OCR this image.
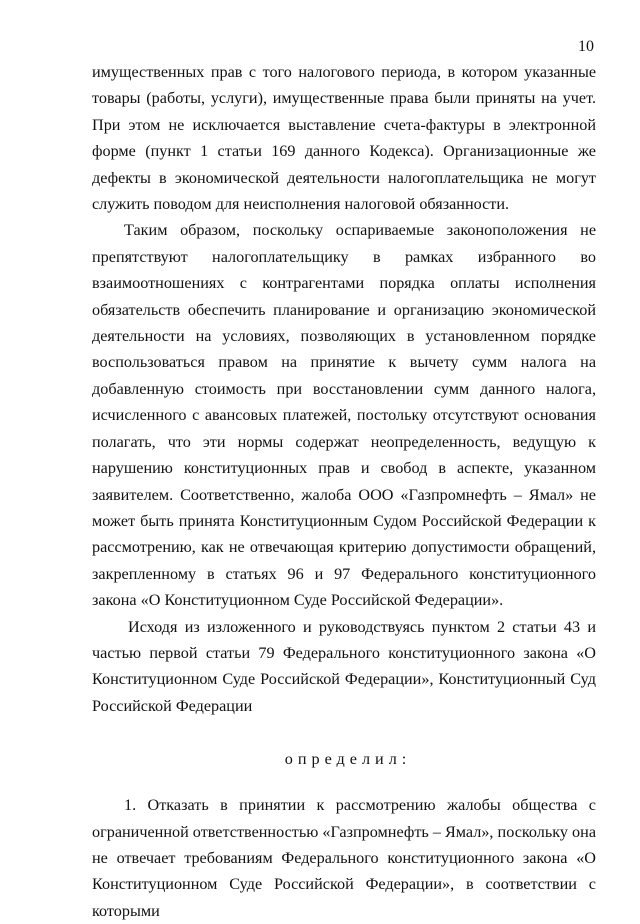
10

имущественных прав с того налогового периода, в котором указанные товары (работы, услуги), имущественные права были приняты на учет. При этом не исключается выставление счета-фактуры в электронной форме (пункт 1 статьи 169 данного Кодекса). Организационные же дефекты в экономической деятельности налогоплательщика не могут служить поводом для неисполнения налоговой обязанности.

Таким образом, поскольку оспариваемые законоположения не препятствуют налогоплательщику в рамках избранного во взаимоотношениях с контрагентами порядка оплаты исполнения обязательств обеспечить планирование и организацию экономической деятельности на условиях, позволяющих в установленном порядке воспользоваться правом на принятие к вычету сумм налога на добавленную стоимость при восстановлении сумм данного налога, исчисленного с авансовых платежей, постольку отсутствуют основания полагать, что эти нормы содержат неопределенность, ведущую к нарушению конституционных прав и свобод в аспекте, указанном заявителем. Соответственно, жалоба ООО «Газпромнефть – Ямал» не может быть принята Конституционным Судом Российской Федерации к рассмотрению, как не отвечающая критерию допустимости обращений, закрепленному в статьях 96 и 97 Федерального конституционного закона «О Конституционном Суде Российской Федерации».

Исходя из изложенного и руководствуясь пунктом 2 статьи 43 и частью первой статьи 79 Федерального конституционного закона «О Конституционном Суде Российской Федерации», Конституционный Суд Российской Федерации

определил:

1. Отказать в принятии к рассмотрению жалобы общества с ограниченной ответственностью «Газпромнефть – Ямал», поскольку она не отвечает требованиям Федерального конституционного закона «О Конституционном Суде Российской Федерации», в соответствии с которыми
